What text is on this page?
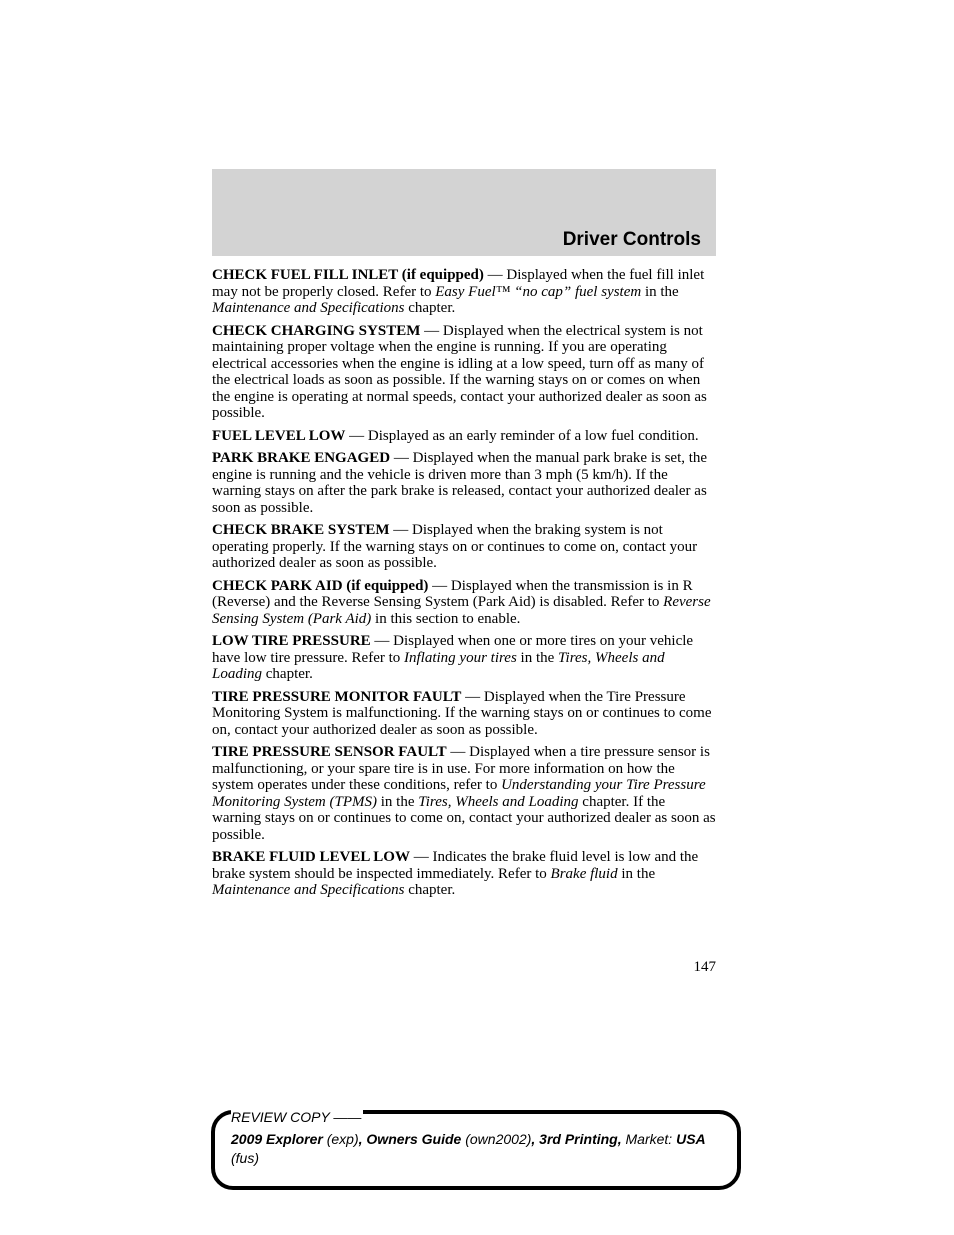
Driver Controls

CHECK FUEL FILL INLET (if equipped) — Displayed when the fuel fill inlet may not be properly closed. Refer to Easy Fuel™ “no cap” fuel system in the Maintenance and Specifications chapter.

CHECK CHARGING SYSTEM — Displayed when the electrical system is not maintaining proper voltage when the engine is running. If you are operating electrical accessories when the engine is idling at a low speed, turn off as many of the electrical loads as soon as possible. If the warning stays on or comes on when the engine is operating at normal speeds, contact your authorized dealer as soon as possible.

FUEL LEVEL LOW — Displayed as an early reminder of a low fuel condition.

PARK BRAKE ENGAGED — Displayed when the manual park brake is set, the engine is running and the vehicle is driven more than 3 mph (5 km/h). If the warning stays on after the park brake is released, contact your authorized dealer as soon as possible.

CHECK BRAKE SYSTEM — Displayed when the braking system is not operating properly. If the warning stays on or continues to come on, contact your authorized dealer as soon as possible.

CHECK PARK AID (if equipped) — Displayed when the transmission is in R (Reverse) and the Reverse Sensing System (Park Aid) is disabled. Refer to Reverse Sensing System (Park Aid) in this section to enable.

LOW TIRE PRESSURE — Displayed when one or more tires on your vehicle have low tire pressure. Refer to Inflating your tires in the Tires, Wheels and Loading chapter.

TIRE PRESSURE MONITOR FAULT — Displayed when the Tire Pressure Monitoring System is malfunctioning. If the warning stays on or continues to come on, contact your authorized dealer as soon as possible.

TIRE PRESSURE SENSOR FAULT — Displayed when a tire pressure sensor is malfunctioning, or your spare tire is in use. For more information on how the system operates under these conditions, refer to Understanding your Tire Pressure Monitoring System (TPMS) in the Tires, Wheels and Loading chapter. If the warning stays on or continues to come on, contact your authorized dealer as soon as possible.

BRAKE FLUID LEVEL LOW — Indicates the brake fluid level is low and the brake system should be inspected immediately. Refer to Brake fluid in the Maintenance and Specifications chapter.

147
REVIEW COPY ——
2009 Explorer (exp), Owners Guide (own2002), 3rd Printing, Market: USA
(fus)
